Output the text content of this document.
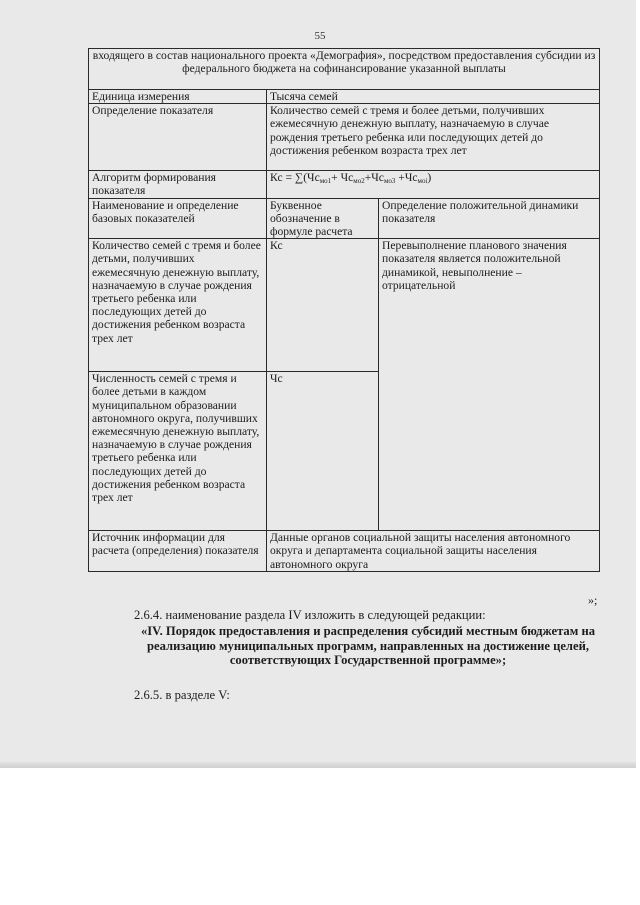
55
входящего в состав национального проекта «Демография», посредством предоставления субсидии из федерального бюджета на софинансирование указанной выплаты		
Единица измерения	Тысяча семей	
Определение показателя	Количество семей с тремя и более детьми, получивших ежемесячную денежную выплату, назначаемую в случае рождения третьего ребенка или последующих детей до достижения ребенком возраста трех лет	
Алгоритм формирования показателя	Кс = $\sum(Чс_{мо1}+ Чс_{мо2}+Чс_{мо3} +Чс_{моi})$	
Наименование и определение базовых показателей	Буквенное обозначение в формуле расчета	Определение положительной динамики показателя
Количество семей с тремя и более детьми, получивших ежемесячную денежную выплату, назначаемую в случае рождения третьего ребенка или последующих детей до достижения ребенком возраста трех лет	Кс	Перевыполнение планового значения показателя является положительной динамикой, невыполнение – отрицательной
Численность семей с тремя и более детьми в каждом муниципальном образовании автономного округа, получивших ежемесячную денежную выплату, назначаемую в случае рождения третьего ребенка или последующих детей до достижения ребенком возраста трех лет	Чс	
Источник информации для расчета (определения) показателя	Данные органов социальной защиты населения автономного округа и департамента социальной защиты населения автономного округа	
»;
2.6.4. наименование раздела IV изложить в следующей редакции:
«IV. Порядок предоставления и распределения субсидий местным бюджетам на реализацию муниципальных программ, направленных на достижение целей, соответствующих Государственной программе»;
2.6.5. в разделе V:
